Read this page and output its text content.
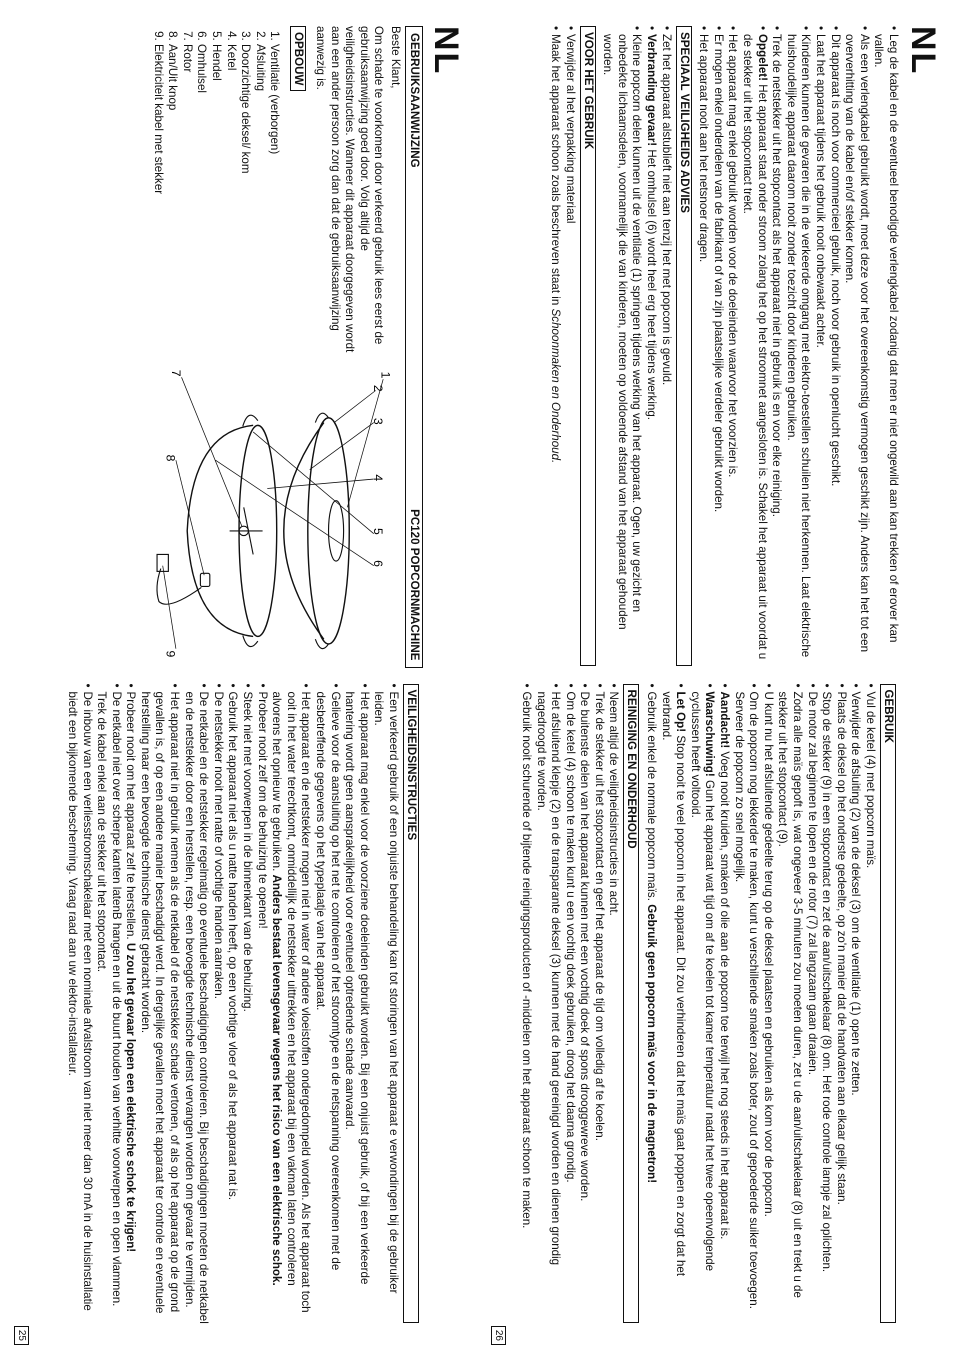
NL
GEBRUIKSAANWIJZING
PC120 POPCORNMACHINE

Beste Klant,

Om schade te voorkomen door verkeerd gebruik lees eerst de gebruiksaanwijzing goed door. Volg altijd de veiligheidsinstructies. Wanneer dit apparaat doorgegeven wordt aan een ander persoon zorg dan dat de gebruiksaanwijzing aanwezig is.

OPBOUW
1. Ventilatie (verborgen)
2. Afsluiting
3. Doorzichtige deksel/ kom
4. Ketel
5. Hendel
6. Omhulsel
7. Rotor
8. Aan/Uit knop
9. Elektriciteit kabel met stekker
1
2
3
4
5
6
7
8
9
VEILIGHEIDSINSTRUCTIES
• Een verkeerd gebruik of een onjuiste behandeling kan tot storingen van het apparaat e verwondingen bij de gebruiker leiden.
• Het apparaat mag enkel voor de voorziene doeleinden gebruikt worden. Bij een onjuist gebruik, of bij een verkeerde hantering wordt geen aansprakelijkheid voor eventueel optredende schade aanvaard.
• Gelieve voor de aansluiting op het net te controleren of het stroomtype en de netspanning overeenkomen met de desbetreffende gegevens op het typeplaatje van het apparaat.
• Het apparaat en de netstekker mogen niet in water of andere vloeistoffen ondergedompeld worden. Als het apparaat toch ooit in het water terechtkomt, onmiddellijk de netstekker uittrekken en het apparaat bij een vakman laten controleren alvorens het opnieuw te gebruiken. Anders bestaat levensgevaar wegens het risico van een elektrische schok.
• Probeer nooit zelf om de behuizing te openen!
• Steek niet met voorwerpen in de binnenkant van de behuizing.
• Gebruik het apparaat niet als u natte handen heeft, op een vochtige vloer of als het apparaat nat is.
• De netstekker nooit met natte of vochtige handen aanraken.
• De netkabel en de netstekker regelmatig op eventuele beschadigingen controleren. Bij beschadigingen moeten de netkabel en de netstekker door een herstellen, resp. een bevoegde technische dienst vervangen worden om gevaar te vermijden.
• Het apparaat niet in gebruik nemen als de netkabel of de netstekker schade vertonen, of als op het apparaat op de grond gevallen is, of op een andere manier beschadigd werd. In dergelijke gevallen moet het apparaat ter controle en eventuele herstelling naar een bevoegde technische dienst gebracht worden.
• Probeer nooit om het apparaat zelf te herstellen. U zou het gevaar lopen een elektrische schok te krijgen!
• De netkabel niet over scherpe kanten latenB hangen en uit de buurt houden van verhitte voorwerpen en open vlammen. Trek de kabel enkel aan de stekker uit het stopcontact.
• De inbouw van een verliesstroomschakelaar met een nominale afvalstroom van niet meer dan 30 mA in de huisinstallatie biedt een bijkomende bescherming. Vraag raad aan uw elektro-installateur.
25
NL
• Leg de kabel en de eventueel benodigde verlengkabel zodanig dat men er niet ongewild aan kan trekken of erover kan vallen.
• Als een verlengkabel gebruikt wordt, moet deze voor het overeenkomstig vermogen geschikt zijn. Anders kan het tot een oververhitting van de kabel en/of stekker komen.
• Dit apparaat is noch voor commercieel gebruik, noch voor gebruik in openlucht geschikt.
• Laat het apparaat tijdens het gebruik nooit onbewaakt achter.
• Kinderen kunnen de gevaren die in de verkeerde omgang met elektro-toestellen schuilen niet herkennen. Laat elektrische huishoudelijke apparaat daarom nooit zonder toezicht door kinderen gebruiken.
• Trek de netstekker uit het stopcontact als het apparaat niet in gebruik is en voor elke reiniging.
• Opgelet! Het apparaat staat onder stroom zolang het op het stroomnet aangesloten is. Schakel het apparaat uit voordat u de stekker uit het stopcontact trekt.
• Het apparaat mag enkel gebruikt worden voor de doeleinden waarvoor het voorzien is.
• Er mogen enkel onderdelen van de fabrikant of van zijn plaatselijke verdeler gebruikt worden.
• Het apparaat nooit aan het netsnoer dragen.
SPECIAAL VEILIGHEIDS ADVIES
• Zet het apparaat alstublieft niet aan tenzij het met popcorn is gevuld.
• Verbranding gevaar! Het omhulsel (6) wordt heel erg heet tijdens werking.
• Kleine popcorn delen kunnen uit de ventilatie (1) springen tijdens werking van het apparaat. Ogen, uw gezicht en onbedekte lichaamsdelen, voornamelijk die van kinderen, moeten op voldoende afstand van het apparaat gehouden worden.
VOOR HET GEBRUIK
• Verwijder al het verpakking materiaal
• Maak het apparaat schoon zoals beschreven staat in Schoonmaken en Onderhoud.
GEBRUIK
• Vul de ketel (4) met popcorn maïs.
• Verwijder de afsluiting (2) van de deksel (3) om de ventilatie (1) open te zetten.
• Plaats de deksel op het onderste gedeelte, op zo'n manier dat de handvaten aan elkaar gelijk staan.
• Stop de stekker (9) in een stopcontact en zet de aan/uitschakelaar (8) om. Het rode controle lampje zal oplichten.
• De motor zal beginnen te lopen en de rotor (7) zal langzaam gaan draaien.
• Zodra alle maïs gepoft is, wat ongeveer 3-5 minuten zou moeten duren, zet u de aan/uitschakelaar (8) uit en trekt u de stekker uit het stopcontact (9).
• U kunt nu het afsluitende gedeelte terug op de deksel plaatsen en gebruiken als kom voor de popcorn.
• Om de popcorn nog lekkerder te maken, kunt u verschillende smaken zoals boter, zout of gepoederde suiker toevoegen. Serveer de popcorn zo snel mogelijk.
• Aandacht! Voeg nooit kruiden, smaken of olie aan de popcorn toe terwijl het nog steeds in het apparaat is.
• Waarschuwing! Gun het apparaat wat tijd om af te koelen tot kamer temperatuur nadat het twee opeenvolgende cyclussen heeft voltooid.
• Let Op! Stop nooit te veel popcorn in het apparaat. Dit zou verhinderen dat het maïs gaat poppen en zorgt dat het verbrand.
• Gebruik enkel de normale popcorn maïs. Gebruik geen popcorn maïs voor in de magnetron!
REINIGING EN ONDERHOUD
• Neem altijd de veiligheidsinstructies in acht.
• Trek de stekker uit het stopcontact en geef het apparaat de tijd om volledig af te koelen.
• De buitenste delen van het apparaat kunnen met een vochtig doek of spons drooggewreve worden.
• Om de ketel (4) schoon te maken kunt u een vochtig doek gebruiken, droog het daarna grondig.
• Het afsluitend klepje (2) en de transparante deksel (3) kunnen met de hand gereinigd worden en dienen grondig nagedroogd te worden.
• Gebruik nooit schurende of bijtende reinigingsproducten of -middelen om het apparaat schoon te maken.
26
